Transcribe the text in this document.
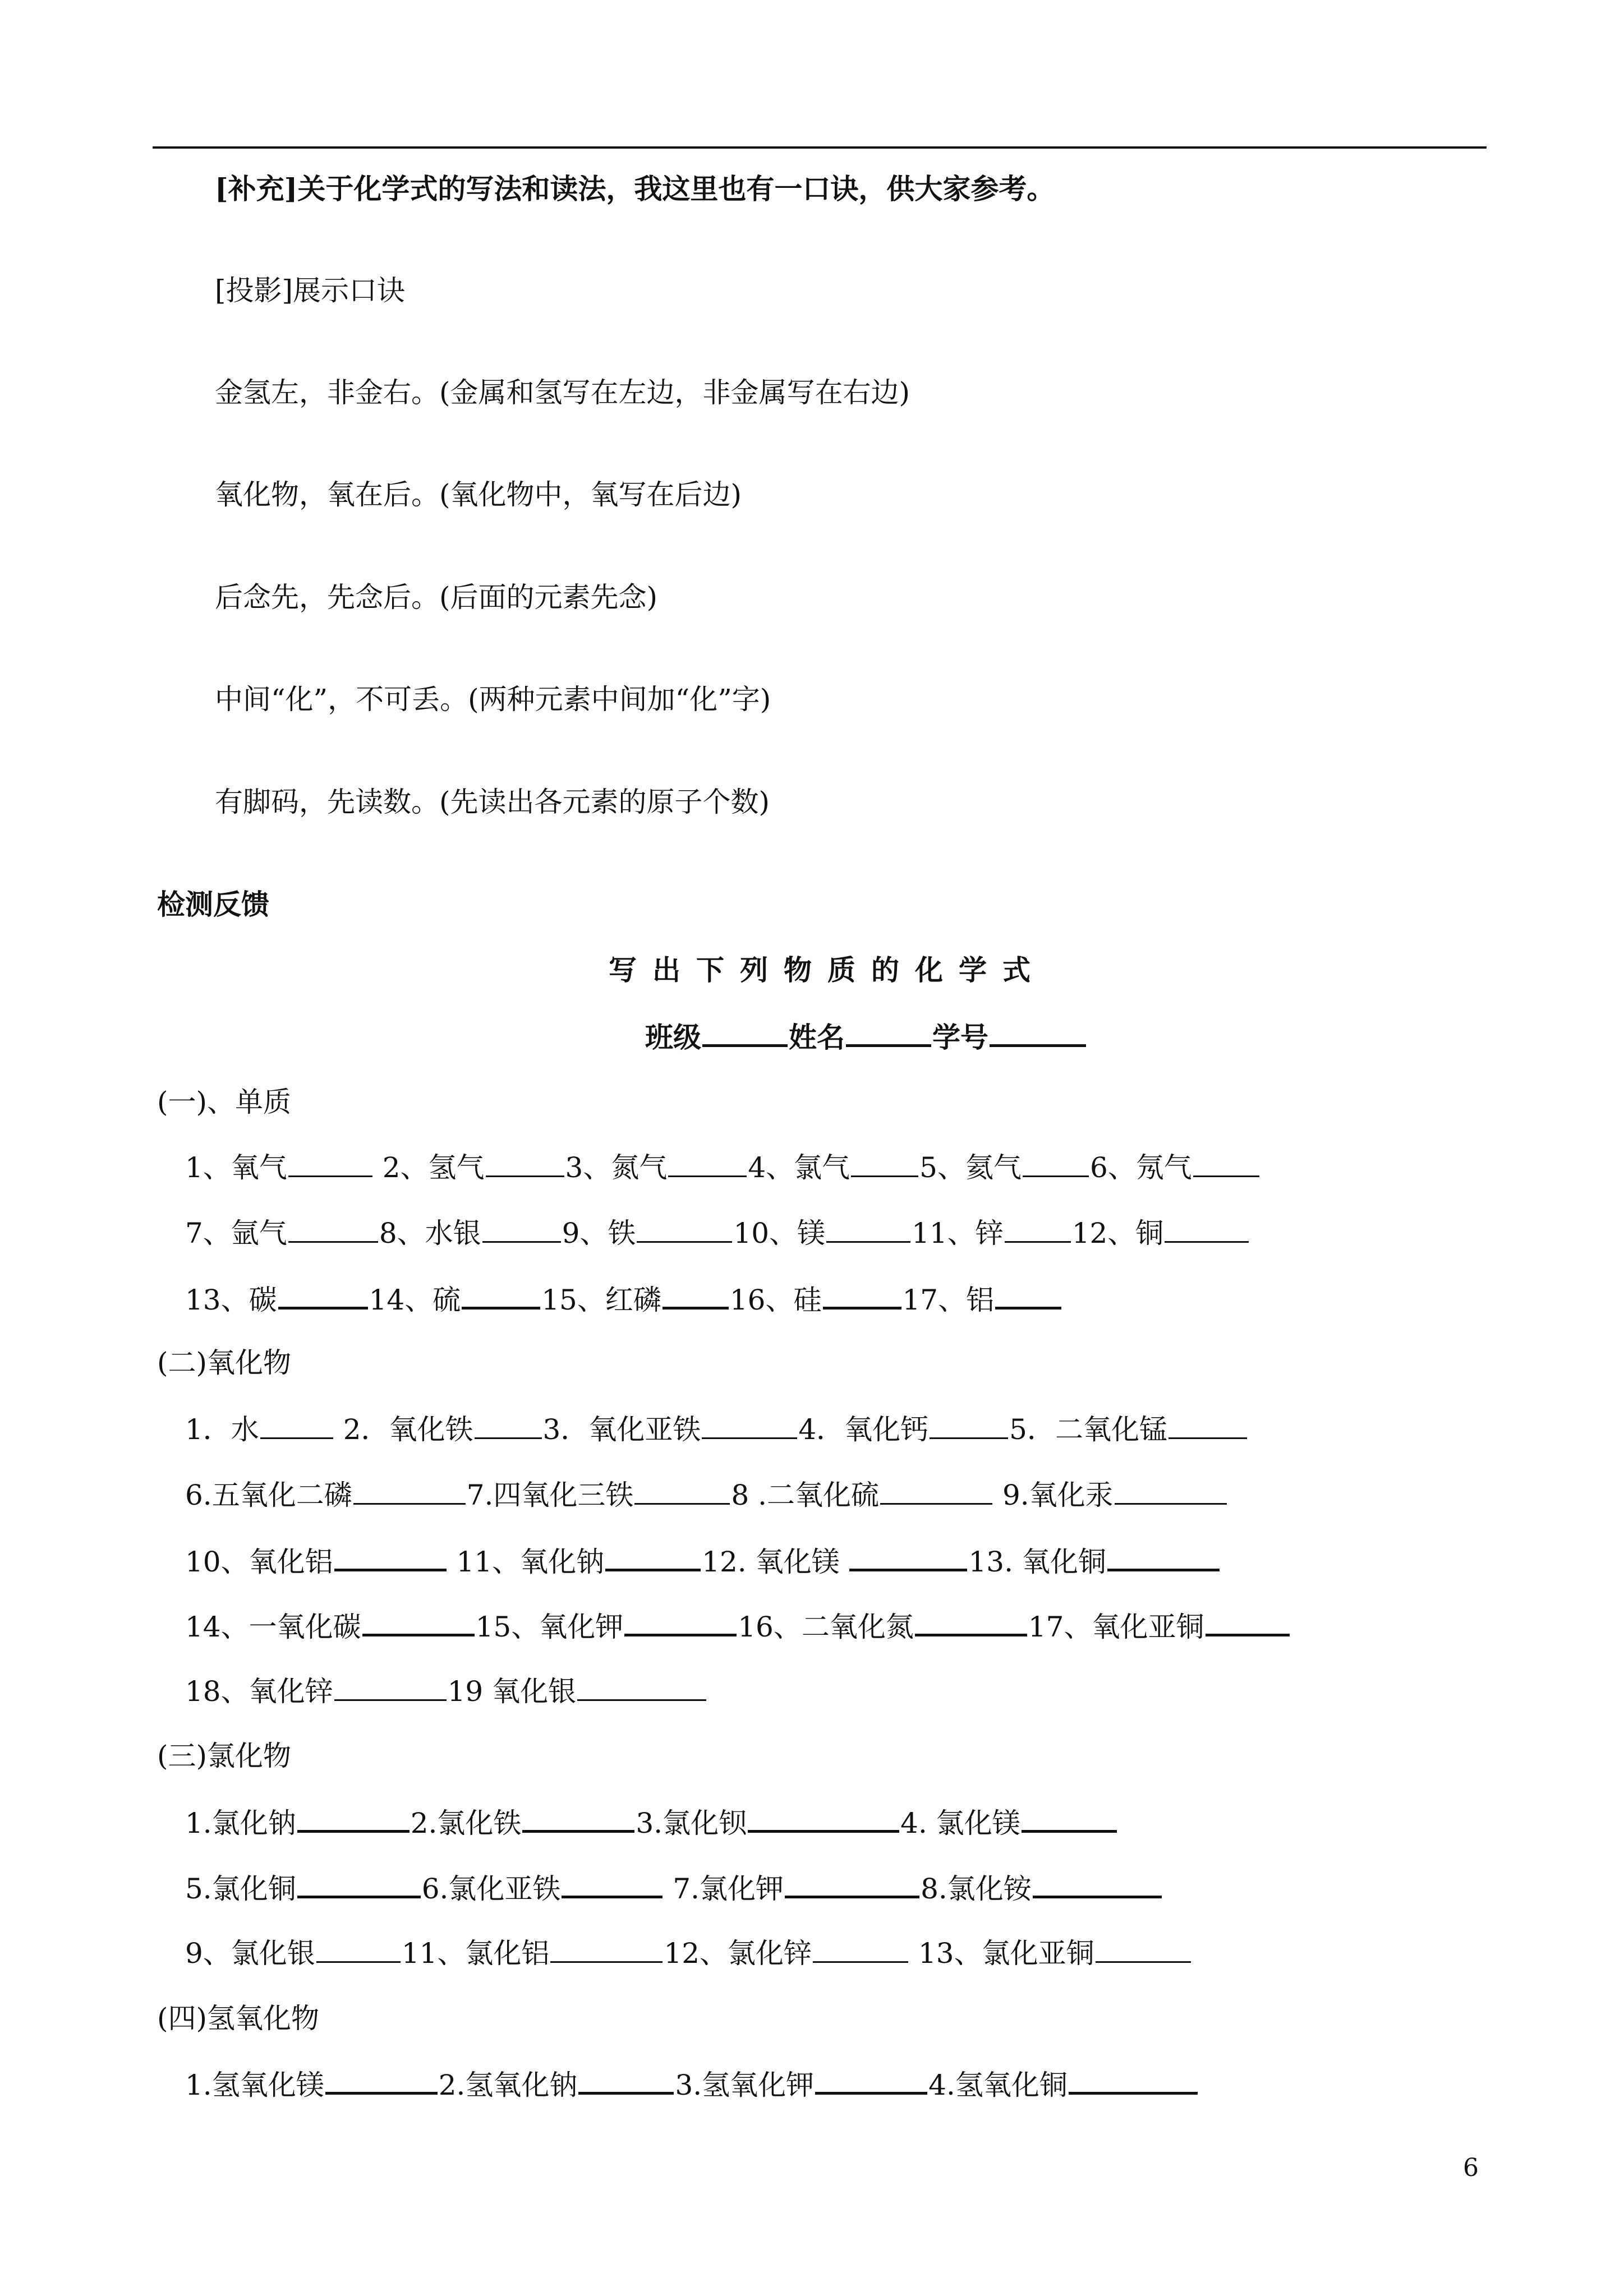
[补充]关于化学式的写法和读法，我这里也有一口诀，供大家参考。
[投影]展示口诀
金氢左，非金右。(金属和氢写在左边，非金属写在右边)
氧化物，氧在后。(氧化物中，氧写在后边)
后念先，先念后。(后面的元素先念)
中间“化”，不可丢。(两种元素中间加“化”字)
有脚码，先读数。(先读出各元素的原子个数)
检测反馈
写出下列物质的化学式
班级	姓名	学号
(一)、单质
1、氧气	2、氢气	3、氮气	4、氯气 5、氦气 6、氖气
7、氩气	8、水银	9、铁	10、镁	11、锌 12、铜
13、碳	14、硫	15、红磷 16、硅	17、铝
(二)氧化物
1．水	2．氧化铁 3．氧化亚铁	4．氧化钙	5．二氧化锰
6.五氧化二磷	7.四氧化三铁	8 .二氧化硫	9.氧化汞
10、氧化铝	11、氧化钠	12. 氧化镁	13. 氧化铜
14、一氧化碳	15、氧化钾	16、二氧化氮	17、氧化亚铜
18、氧化锌	19 氧化银
(三)氯化物
1.氯化钠	2.氯化铁	3.氯化钡	4. 氯化镁
5.氯化铜	6.氯化亚铁	7.氯化钾	8.氯化铵
9、氯化银	11、氯化铝	12、氯化锌	13、氯化亚铜
(四)氢氧化物
1.氢氧化镁	2.氢氧化钠	3.氢氧化钾	4.氢氧化铜
6
